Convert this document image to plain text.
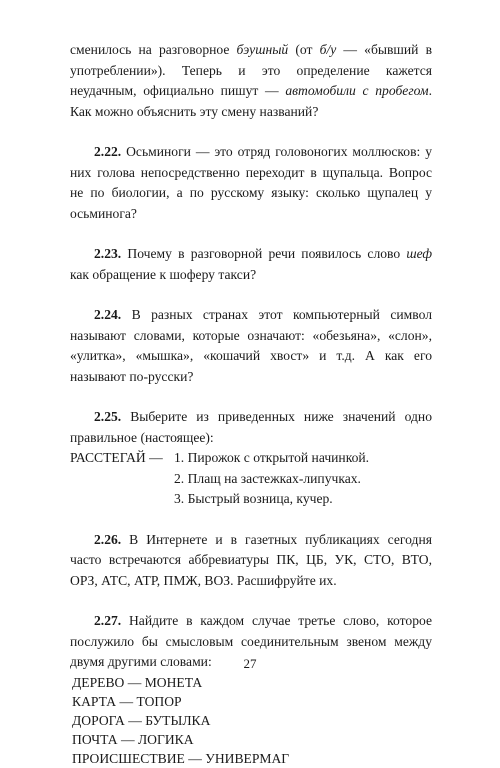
сменилось на разговорное бэушный (от б/у — «бывший в употреблении»). Теперь и это определение кажется неудачным, официально пишут — автомобили с пробегом. Как можно объяснить эту смену названий?

2.22. Осьминоги — это отряд головоногих моллюсков: у них голова непосредственно переходит в щупальца. Вопрос не по биологии, а по русскому языку: сколько щупалец у осьминога?

2.23. Почему в разговорной речи появилось слово шеф как обращение к шоферу такси?

2.24. В разных странах этот компьютерный символ называют словами, которые означают: «обезьяна», «слон», «улитка», «мышка», «кошачий хвост» и т.д. А как его называют по-русски?

2.25. Выберите из приведенных ниже значений одно правильное (настоящее):

РАССТЕГАЙ — 1. Пирожок с открытой начинкой.
2. Плащ на застежках-липучках.
3. Быстрый возница, кучер.

2.26. В Интернете и в газетных публикациях сегодня часто встречаются аббревиатуры ПК, ЦБ, УК, СТО, ВТО, ОРЗ, АТС, АТР, ПМЖ, ВОЗ. Расшифруйте их.

2.27. Найдите в каждом случае третье слово, которое послужило бы смысловым соединительным звеном между двумя другими словами:

ДЕРЕВО — МОНЕТА
КАРТА — ТОПОР
ДОРОГА — БУТЫЛКА
ПОЧТА — ЛОГИКА
ПРОИСШЕСТВИЕ — УНИВЕРМАГ
27
